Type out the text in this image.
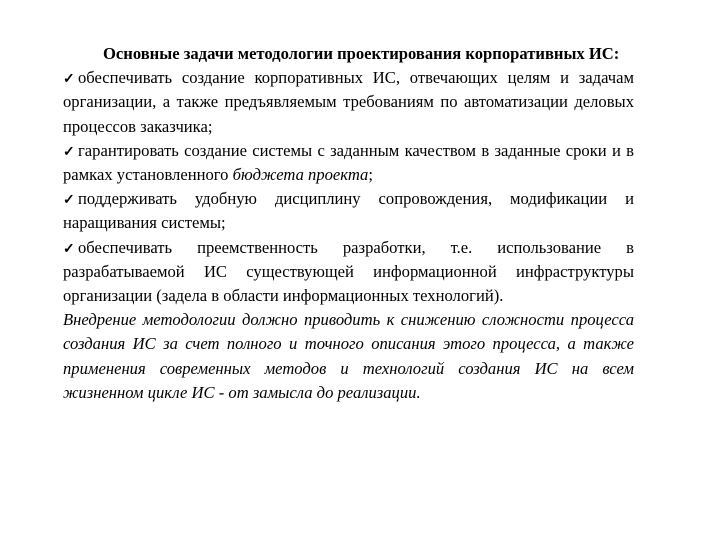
Основные задачи методологии проектирования корпоративных ИС:

✓ обеспечивать создание корпоративных ИС, отвечающих целям и задачам организации, а также предъявляемым требованиям по автоматизации деловых процессов заказчика;
✓ гарантировать создание системы с заданным качеством в заданные сроки и в рамках установленного бюджета проекта;
✓ поддерживать удобную дисциплину сопровождения, модификации и наращивания системы;
✓ обеспечивать преемственность разработки, т.е. использование в разрабатываемой ИС существующей информационной инфраструктуры организации (задела в области информационных технологий).

Внедрение методологии должно приводить к снижению сложности процесса создания ИС за счет полного и точного описания этого процесса, а также применения современных методов и технологий создания ИС на всем жизненном цикле ИС - от замысла до реализации.
